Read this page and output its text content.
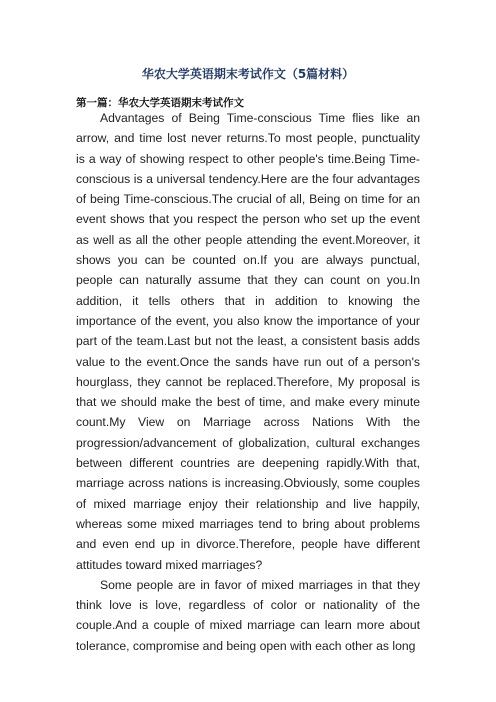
华农大学英语期末考试作文（5篇材料）
第一篇：华农大学英语期末考试作文

Advantages of Being Time-conscious Time flies like an arrow, and time lost never returns.To most people, punctuality is a way of showing respect to other people's time.Being Time-conscious is a universal tendency.Here are the four advantages of being Time-conscious.The crucial of all, Being on time for an event shows that you respect the person who set up the event as well as all the other people attending the event.Moreover, it shows you can be counted on.If you are always punctual, people can naturally assume that they can count on you.In addition, it tells others that in addition to knowing the importance of the event, you also know the importance of your part of the team.Last but not the least, a consistent basis adds value to the event.Once the sands have run out of a person's hourglass, they cannot be replaced.Therefore, My proposal is that we should make the best of time, and make every minute count.My View on Marriage across Nations With the progression/advancement of globalization, cultural exchanges between different countries are deepening rapidly.With that, marriage across nations is increasing.Obviously, some couples of mixed marriage enjoy their relationship and live happily, whereas some mixed marriages tend to bring about problems and even end up in divorce.Therefore, people have different attitudes toward mixed marriages?

Some people are in favor of mixed marriages in that they think love is love, regardless of color or nationality of the couple.And a couple of mixed marriage can learn more about tolerance, compromise and being open with each other as long
